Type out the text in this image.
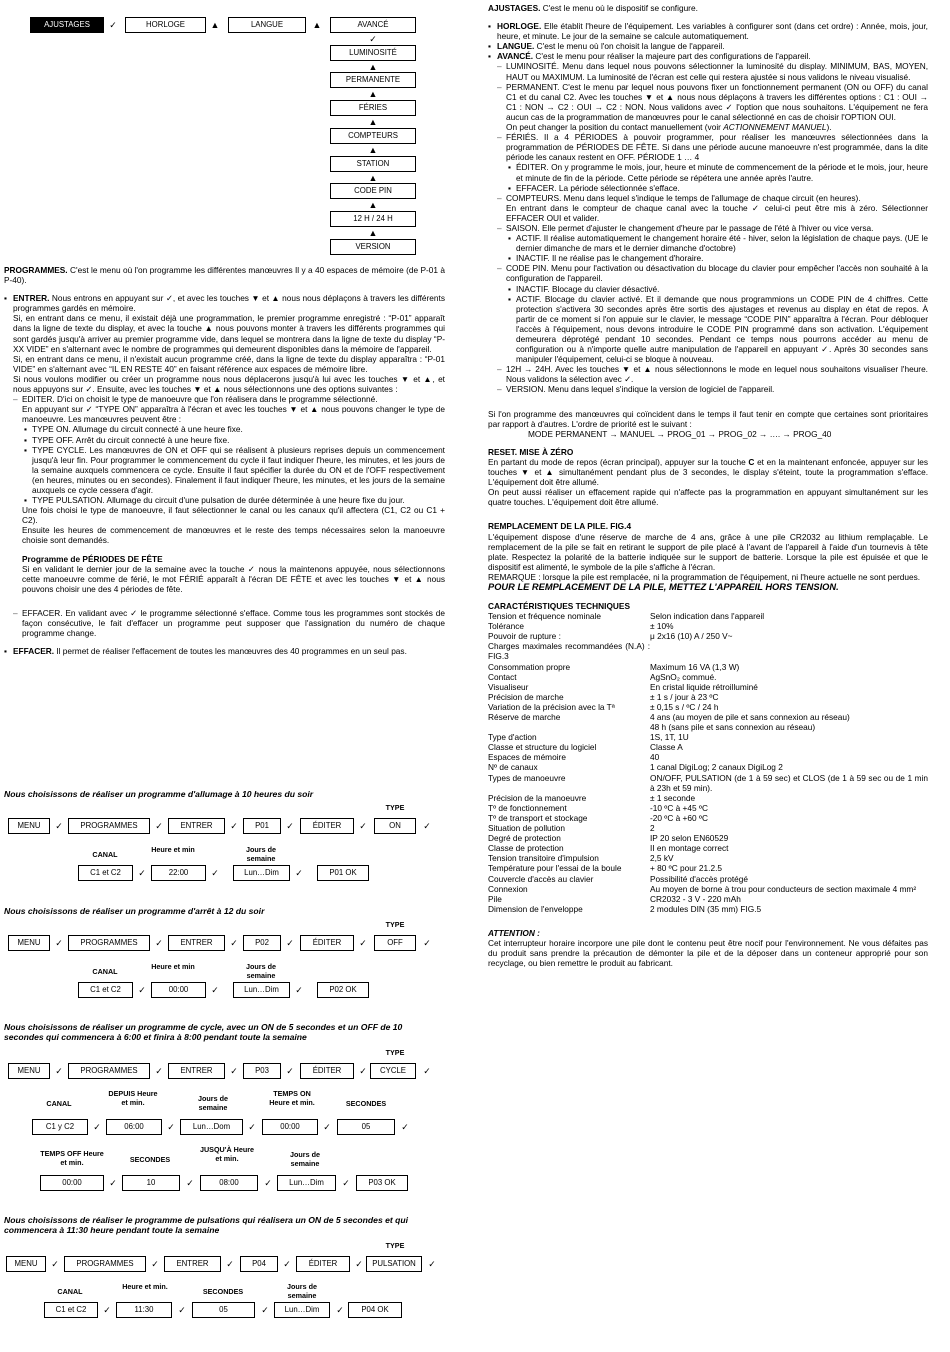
AJUSTAGES	✓	HORLOGE	▲	LANGUE	▲	AVANCÉ
✓
LUMINOSITÉ
▲
PERMANENTE
▲
FÉRIES
▲
COMPTEURS
▲
STATION
▲
CODE PIN
▲
12 H / 24 H
▲
VERSION

PROGRAMMES. C'est le menu où l'on programme les différentes manœuvres Il y a 40 espaces de mémoire (de P-01 à P-40).

▪ ENTRER. Nous entrons en appuyant sur ✓, et avec les touches ▼ et ▲ nous nous déplaçons à travers les différents programmes gardés en mémoire.

Si, en entrant dans ce menu, il existait déjà une programmation, le premier programme enregistré : “P-01” apparaît dans la ligne de texte du display, et avec la touche ▲ nous pouvons monter à travers les différents programmes qui sont gardés jusqu'à arriver au premier programme vide, dans lequel se montrera dans la ligne de texte du display “P-XX VIDE” en s'alternant avec le nombre de programmes qui demeurent disponibles dans la mémoire de l'appareil.

Si, en entrant dans ce menu, il n'existait aucun programme créé, dans la ligne de texte du display apparaîtra : “P-01 VIDE” en s'alternant avec “IL EN RESTE 40” en faisant référence aux espaces de mémoire libre.

Si nous voulons modifier ou créer un programme nous nous déplacerons jusqu'à lui avec les touches ▼ et ▲, et nous appuyons sur ✓. Ensuite, avec les touches ▼ et ▲ nous sélectionnons une des options suivantes :

– EDITER. D'ici on choisit le type de manoeuvre que l'on réalisera dans le programme sélectionné.

En appuyant sur ✓ “TYPE ON” apparaîtra à l'écran et avec les touches ▼ et ▲ nous pouvons changer le type de manoeuvre. Les manœuvres peuvent être :

▪ TYPE ON. Allumage du circuit connecté à une heure fixe.

▪ TYPE OFF. Arrêt du circuit connecté à une heure fixe.

▪ TYPE CYCLE. Les manœuvres de ON et OFF qui se réalisent à plusieurs reprises depuis un commencement jusqu'à leur fin. Pour programmer le commencement du cycle il faut indiquer l'heure, les minutes, et les jours de la semaine auxquels commencera ce cycle. Ensuite il faut spécifier la durée du ON et de l'OFF respectivement (en heures, minutes ou en secondes). Finalement il faut indiquer l'heure, les minutes, et les jours de la semaine auxquels ce cycle cessera d'agir.

▪ TYPE PULSATION. Allumage du circuit d'une pulsation de durée déterminée à une heure fixe du jour.

Une fois choisi le type de manoeuvre, il faut sélectionner le canal ou les canaux qu'il affectera (C1, C2 ou C1 + C2).

Ensuite les heures de commencement de manœuvres et le reste des temps nécessaires selon la manoeuvre choisie sont demandés.

Programme de PÉRIODES DE FÊTE

Si en validant le dernier jour de la semaine avec la touche ✓ nous la maintenons appuyée, nous sélectionnons cette manoeuvre comme de férié, le mot FÉRIÉ apparaît à l'écran DE FÊTE et avec les touches ▼ et ▲ nous pouvons choisir une des 4 périodes de fête.

– EFFACER. En validant avec ✓ le programme sélectionné s'efface. Comme tous les programmes sont stockés de façon consécutive, le fait d'effacer un programme peut supposer que l'assignation du numéro de chaque programme change.

▪ EFFACER. Il permet de réaliser l'effacement de toutes les manœuvres des 40 programmes en un seul pas.

Nous choisissons de réaliser un programme d'allumage à 10 heures du soir
TYPE
MENU	✓	PROGRAMMES	✓	ENTRER	✓	P01	✓	ÉDITER	✓	ON	✓
CANAL
Heure et min	Jours de semaine
C1 et C2	✓	22:00	✓	Lun…Dim	✓	P01 OK
Nous choisissons de réaliser un programme d'arrêt à 12 du soir
TYPE
MENU	✓	PROGRAMMES	✓	ENTRER	✓	P02	✓	ÉDITER	✓	OFF	✓
CANAL
Heure et min	Jours de semaine
C1 et C2	✓	00:00	✓	Lun…Dim	✓	P02 OK
Nous choisissons de réaliser un programme de cycle, avec un ON de 5 secondes et un OFF de 10 secondes qui commencera à 6:00 et finira à 8:00 pendant toute la semaine
TYPE
MENU	✓	PROGRAMMES	✓	ENTRER	✓	P03	✓	ÉDITER	✓	CYCLE	✓
CANAL
DEPUIS Heure et min.	Jours de semaine
TEMPS ON Heure et min.	SECONDES
C1 y C2	✓	06:00	✓	Lun…Dom	✓	00:00	✓	05	✓
TEMPS OFF Heure et min.	SECONDES
JUSQU'À Heure et min.	Jours de semaine
00:00	✓	10	✓	08:00	✓	Lun…Dim	✓	P03 OK
Nous choisissons de réaliser le programme de pulsations qui réalisera un ON de 5 secondes et qui commencera à 11:30 heure pendant toute la semaine
TYPE
MENU	✓	PROGRAMMES	✓	ENTRER	✓	P04	✓	ÉDITER	✓	PULSATION	✓
CANAL
Heure et min.
SECONDES
Jours de semaine
C1 et C2	✓	11:30	✓	05	✓	Lun…Dim	✓	P04 OK

AJUSTAGES. C'est le menu où le dispositif se configure.

▪ HORLOGE. Elle établit l'heure de l'équipement. Les variables à configurer sont (dans cet ordre) : Année, mois, jour, heure, et minute. Le jour de la semaine se calcule automatiquement.

▪ LANGUE. C'est le menu où l'on choisit la langue de l'appareil.

▪ AVANCÉ. C'est le menu pour réaliser la majeure part des configurations de l'appareil.

– LUMINOSITÉ. Menu dans lequel nous pouvons sélectionner la luminosité du display. MINIMUM, BAS, MOYEN, HAUT ou MAXIMUM. La luminosité de l'écran est celle qui restera ajustée si nous validons le niveau visualisé.

– PERMANENT. C'est le menu par lequel nous pouvons fixer un fonctionnement permanent (ON ou OFF) du canal C1 et du canal C2. Avec les touches ▼ et ▲ nous nous déplaçons à travers les différentes options : C1 : OUI → C1 : NON → C2 : OUI → C2 : NON. Nous validons avec ✓ l'option que nous souhaitons. L'équipement ne fera aucun cas de la programmation de manœuvres pour le canal sélectionné en cas de choisir l'OPTION OUI.

On peut changer la position du contact manuellement (voir ACTIONNEMENT MANUEL).

– FÉRIÉS. Il a 4 PÉRIODES à pouvoir programmer, pour réaliser les manœuvres sélectionnées dans la programmation de PÉRIODES DE FÊTE. Si dans une période aucune manoeuvre n'est programmée, dans la dite période les canaux restent en OFF. PÉRIODE 1 … 4

▪ ÉDITER. On y programme le mois, jour, heure et minute de commencement de la période et le mois, jour, heure et minute de fin de la période. Cette période se répétera une année après l'autre.

▪ EFFACER. La période sélectionnée s'efface.

– COMPTEURS. Menu dans lequel s'indique le temps de l'allumage de chaque circuit (en heures).

En entrant dans le compteur de chaque canal avec la touche ✓ celui-ci peut être mis à zéro. Sélectionner EFFACER OUI et valider.

– SAISON. Elle permet d'ajuster le changement d'heure par le passage de l'été à l'hiver ou vice versa.

▪ ACTIF. Il réalise automatiquement le changement horaire été - hiver, selon la législation de chaque pays. (UE le dernier dimanche de mars et le dernier dimanche d'octobre)

▪ INACTIF. Il ne réalise pas le changement d'horaire.

– CODE PIN. Menu pour l'activation ou désactivation du blocage du clavier pour empêcher l'accès non souhaité à la configuration de l'appareil.

▪ INACTIF. Blocage du clavier désactivé.

▪ ACTIF. Blocage du clavier activé. Et il demande que nous programmions un CODE PIN de 4 chiffres. Cette protection s'activera 30 secondes après être sortis des ajustages et revenus au display en état de repos. À partir de ce moment si l'on appuie sur le clavier, le message “CODE PIN” apparaîtra à l'écran. Pour débloquer l'accès à l'équipement, nous devons introduire le CODE PIN programmé dans son activation. L'équipement demeurera déprotégé pendant 10 secondes. Pendant ce temps nous pourrons accéder au menu de configuration ou à n'importe quelle autre manipulation de l'appareil en appuyant ✓. Après 30 secondes sans manipuler l'équipement, celui-ci se bloque à nouveau.

– 12H → 24H. Avec les touches ▼ et ▲ nous sélectionnons le mode en lequel nous souhaitons visualiser l'heure. Nous validons la sélection avec ✓.

– VERSION. Menu dans lequel s'indique la version de logiciel de l'appareil.

Si l'on programme des manœuvres qui coïncident dans le temps il faut tenir en compte que certaines sont prioritaires par rapport à d'autres. L'ordre de priorité est le suivant :

MODE PERMANENT → MANUEL → PROG_01 → PROG_02 → …. → PROG_40

RESET. MISE À ZÉRO

En partant du mode de repos (écran principal), appuyer sur la touche C et en la maintenant enfoncée, appuyer sur les touches ▼ et ▲ simultanément pendant plus de 3 secondes, le display s'éteint, toute la programmation s'efface. L'équipement doit être allumé.

On peut aussi réaliser un effacement rapide qui n'affecte pas la programmation en appuyant simultanément sur les quatre touches. L'équipement doit être allumé.

REMPLACEMENT DE LA PILE. FIG.4

L'équipement dispose d'une réserve de marche de 4 ans, grâce à une pile CR2032 au lithium remplaçable. Le remplacement de la pile se fait en retirant le support de pile placé à l'avant de l'appareil à l'aide d'un tournevis à tête plate. Respectez la polarité de la batterie indiquée sur le support de batterie. Lorsque la pile est épuisée et que le dispositif est alimenté, le symbole de la pile s'affiche à l'écran.

REMARQUE : lorsque la pile est remplacée, ni la programmation de l'équipement, ni l'heure actuelle ne sont perdues.

POUR LE REMPLACEMENT DE LA PILE, METTEZ L'APPAREIL HORS TENSION.

CARACTÉRISTIQUES TECHNIQUES

Tension et fréquence nominale	Selon indication dans l'appareil
Tolérance	± 10%
Pouvoir de rupture :	μ 2x16 (10) A / 250 V~
Charges maximales recommandées (N.A) : FIG.3
Consommation propre	Maximum 16 VA (1,3 W)
Contact	AgSnO₂ commué.
Visualiseur	En cristal liquide rétroilluminé
Précision de marche	± 1 s / jour à 23 ºC
Variation de la précision avec la Tª	± 0,15 s / ºC / 24 h
Réserve de marche	4 ans (au moyen de pile et sans connexion au réseau)
48 h (sans pile et sans connexion au réseau)
Type d'action	1S, 1T, 1U
Classe et structure du logiciel	Classe A
Espaces de mémoire	40
Nº de canaux	1 canal DigiLog; 2 canaux DigiLog 2
Types de manoeuvre	ON/OFF, PULSATION (de 1 à 59 sec) et CLOS (de 1 à 59 sec ou de 1 min à 23h et 59 min).
Précision de la manoeuvre	± 1 seconde
Tº de fonctionnement	-10 ºC à +45 ºC
Tº de transport et stockage	-20 ºC à +60 ºC
Situation de pollution	2
Degré de protection	IP 20 selon EN60529
Classe de protection	II en montage correct
Tension transitoire d'impulsion	2,5 kV
Température pour l'essai de la boule	+ 80 ºC pour 21.2.5
Couvercle d'accès au clavier	Possibilité d'accès protégé
Connexion	Au moyen de borne à trou pour conducteurs de section maximale 4 mm²
Pile	CR2032 - 3 V - 220 mAh
Dimension de l'enveloppe	2 modules DIN (35 mm) FIG.5

ATTENTION :

Cet interrupteur horaire incorpore une pile dont le contenu peut être nocif pour l'environnement. Ne vous défaites pas du produit sans prendre la précaution de démonter la pile et de la déposer dans un conteneur approprié pour son recyclage, ou bien remettre le produit au fabricant.
